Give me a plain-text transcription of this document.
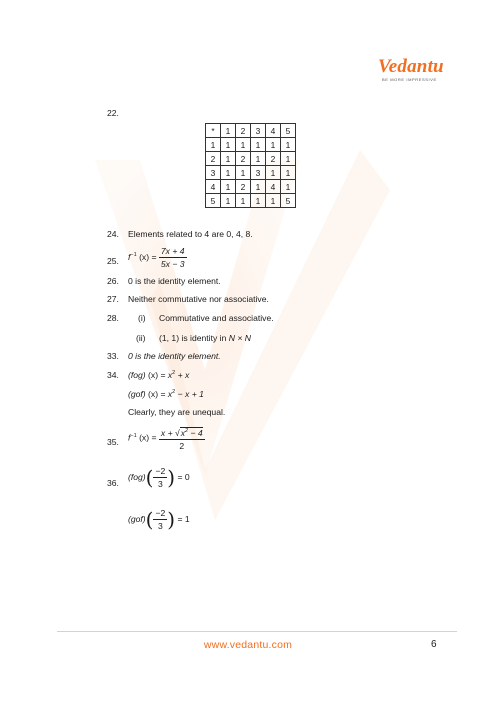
Vedantu
BE MORE IMPRESSIVE
22.
*	1	2	3	4	5
1	1	1	1	1	1
2	1	2	1	2	1
3	1	1	3	1	1
4	1	2	1	4	1
5	1	1	1	1	5
24. Elements related to 4 are 0, 4, 8.
25. $f^{-1}$ $(x) = \frac{7x + 4}{5x - 3}$
26. 0 is the identity element.
27. Neither commutative nor associative.
28. (i) Commutative and associative.
(ii) (1, 1) is identity in N × N
33. 0 is the identity element.
34. (fog) $(x) = x^2 + x$
(gof) $(x) = x^2 - x + 1$
Clearly, they are unequal.
35. $f^{-1}$ $(x) = \frac{x + √x^2 - 4}{2}$
36.
$(fog)( \frac{-2}{3}$ ) = 0
$(gof)( \frac{-2}{3}$ ) = 1
www.vedantu.com	6
